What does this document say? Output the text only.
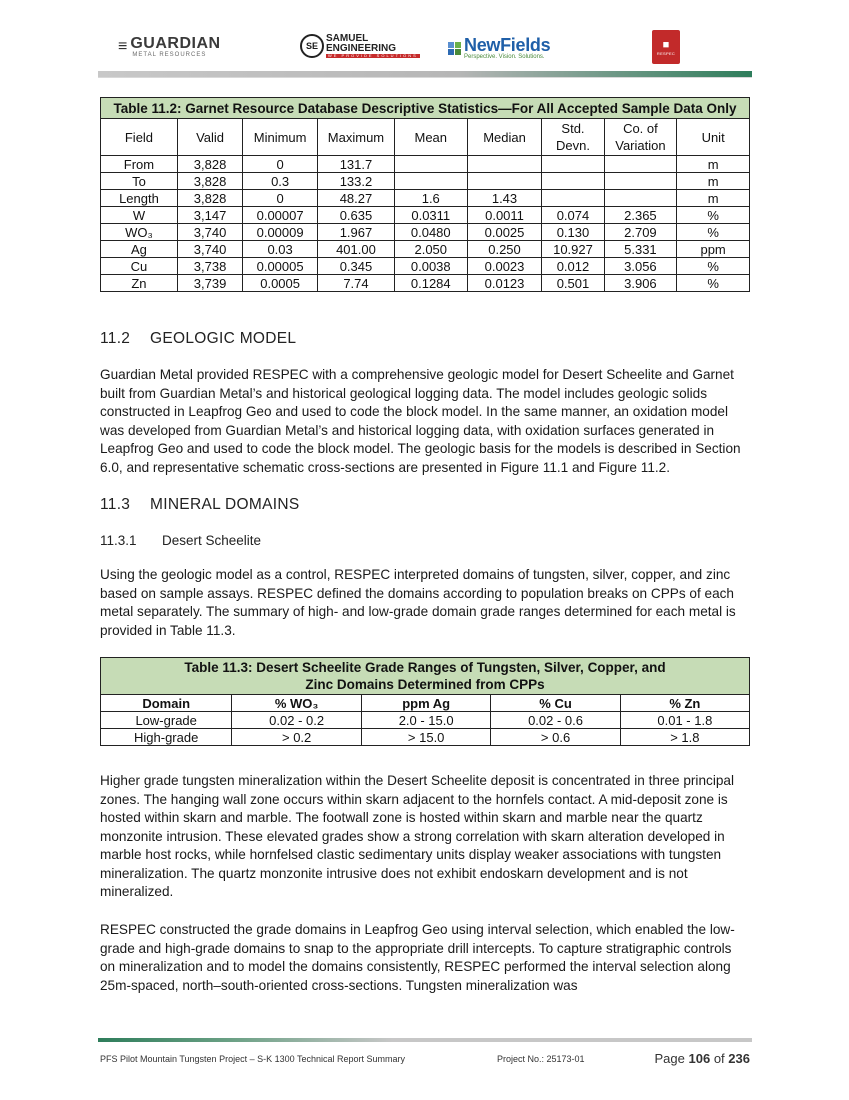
≡ GUARDIAN
METAL RESOURCES
SE
SAMUEL
ENGINEERING
WE PROVIDE SOLUTIONS
NewFields
Perspective. Vision. Solutions.
■
RESPEC
Table 11.2: Garnet Resource Database Descriptive Statistics—For All Accepted Sample Data Only								
Field	Valid	Minimum	Maximum	Mean	Median	Std. Devn.	Co. of Variation	Unit
From	3,828	0	131.7					m
To	3,828	0.3	133.2					m
Length	3,828	0	48.27	1.6	1.43			m
W	3,147	0.00007	0.635	0.0311	0.0011	0.074	2.365	%
WO₃	3,740	0.00009	1.967	0.0480	0.0025	0.130	2.709	%
Ag	3,740	0.03	401.00	2.050	0.250	10.927	5.331	ppm
Cu	3,738	0.00005	0.345	0.0038	0.0023	0.012	3.056	%
Zn	3,739	0.0005	7.74	0.1284	0.0123	0.501	3.906	%
11.2 GEOLOGIC MODEL

Guardian Metal provided RESPEC with a comprehensive geologic model for Desert Scheelite and Garnet built from Guardian Metal’s and historical geological logging data. The model includes geologic solids constructed in Leapfrog Geo and used to code the block model. In the same manner, an oxidation model was developed from Guardian Metal’s and historical logging data, with oxidation surfaces generated in Leapfrog Geo and used to code the block model. The geologic basis for the models is described in Section 6.0, and representative schematic cross-sections are presented in Figure 11.1 and Figure 11.2.

11.3 MINERAL DOMAINS
11.3.1 Desert Scheelite

Using the geologic model as a control, RESPEC interpreted domains of tungsten, silver, copper, and zinc based on sample assays. RESPEC defined the domains according to population breaks on CPPs of each metal separately. The summary of high- and low-grade domain grade ranges determined for each metal is provided in Table 11.3.

Table 11.3: Desert Scheelite Grade Ranges of Tungsten, Silver, Copper, and Zinc Domains Determined from CPPs				
Domain	% WO₃	ppm Ag	% Cu	% Zn
Low-grade	0.02 - 0.2	2.0 - 15.0	0.02 - 0.6	0.01 - 1.8
High-grade	> 0.2	> 15.0	> 0.6	> 1.8

Higher grade tungsten mineralization within the Desert Scheelite deposit is concentrated in three principal zones. The hanging wall zone occurs within skarn adjacent to the hornfels contact. A mid-deposit zone is hosted within skarn and marble. The footwall zone is hosted within skarn and marble near the quartz monzonite intrusion. These elevated grades show a strong correlation with skarn alteration developed in marble host rocks, while hornfelsed clastic sedimentary units display weaker associations with tungsten mineralization. The quartz monzonite intrusive does not exhibit endoskarn development and is not mineralized.

RESPEC constructed the grade domains in Leapfrog Geo using interval selection, which enabled the low-grade and high-grade domains to snap to the appropriate drill intercepts. To capture stratigraphic controls on mineralization and to model the domains consistently, RESPEC performed the interval selection along 25m-spaced, north–south-oriented cross-sections. Tungsten mineralization was

PFS Pilot Mountain Tungsten Project – S-K 1300 Technical Report Summary	Project No.: 25173-01	Page 106 of 236
